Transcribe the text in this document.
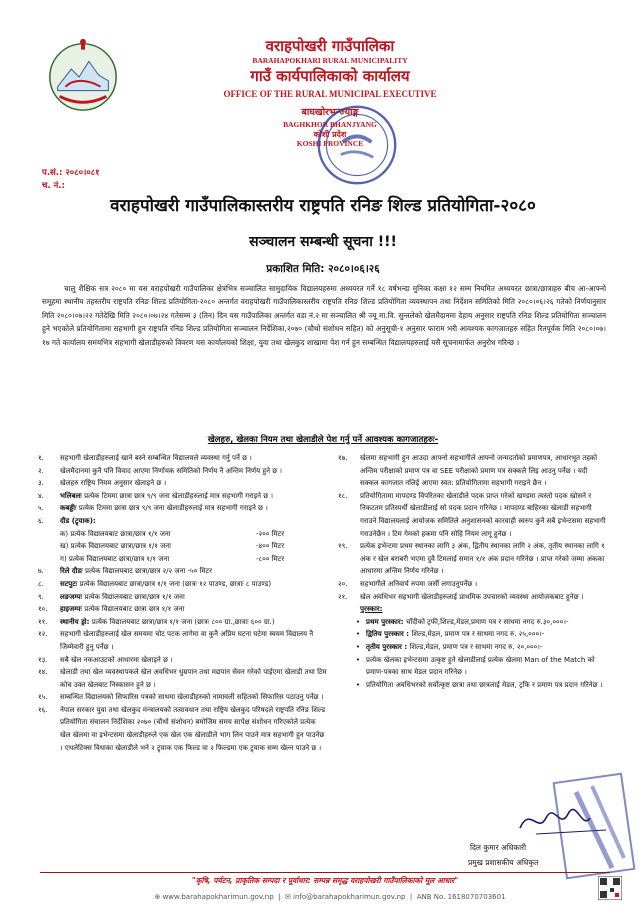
वराहपोखरी गाउँपालिका
BARAHAPOKHARI RURAL MUNICIPALITY
गाउँ कार्यपालिकाको कार्यालय
OFFICE OF THE RURAL MUNICIPAL EXECUTIVE
बाघखोरभन्ज्याङ्ग
BAGHKHOR BHANJYANG
कोशी प्रदेश
KOSHI PROVINCE
प.सं.: २०८०।०८१
च. नं.:
वराहपोखरी गाउँपालिकास्तरीय राष्ट्रपति रनिङ शिल्ड प्रतियोगिता-२०८०
सञ्चालन सम्बन्धी सूचना !!!
प्रकाशित मिति: २०८०।०६।२६
चालु शैक्षिक सत्र २०८० मा यस वराहपोखरी गाउँपालिका क्षेत्रभित्र सञ्चालित सामुदायिक विद्यालयहरुमा अध्ययरत गर्ने १८ वर्षभन्दा मुनिका कक्षा १२ सम्म नियमित अध्ययरत छात्रा/छात्राहरु बीच आ-आफ्नो समूहमा स्थानीय तहस्तरीय राष्ट्रपति रनिङ शिल्ड प्रतियोगिता-२०८० अन्तर्गत वराहपोखरी गाउँपालिकास्तरीय राष्ट्रपति रनिङ शिल्ड प्रतियोगिता व्यवस्थापन तथा निर्देशन समितिको मिति २०८०।०६।२६ गतेको निर्णयानुसार मिति २०८०।०७।२२ गतेदेखि मिति २०८०।०७।२४ गतेसम्म ३ (तिन) दिन यस गाउँपालिका अन्तर्गत वडा नं.२ मा सञ्चालित श्री ज्यू मा.वि. सुन्तलेको खेलमैदानमा देहाय अनुसार राष्ट्रपति रनिङ शिल्ड प्रतियोगिता सञ्चालन हुने भएकोले प्रतियोगितामा सहभागी हुन राष्ट्रपति रनिङ शिल्ड प्रतियोगिता सञ्चालन निर्देशिका,२०७० (चौथो संशोधन सहित) को अनुसूची-१ अनुसार फाराम भरी आवश्यक कागजातहरु सहित रितपूर्वक मिति २०८०।०७।१७ गते कार्यालय समयभित्र सहभागी खेलाडीहरुको विवरण यस कार्यालयको शिक्षा, युवा तथा खेलकुद शाखामा पेश गर्न हुन सम्बन्धित विद्यालयहरुलाई यसै सूचनामार्फत अनुरोध गरिन्छ ।
खेलहरु, खेलका नियम तथा खेलाडीले पेश गर्नु पर्ने आवश्यक कागजातहरुः-
१.	सहभागी खेलाडीहरुलाई खाने बस्ने सम्बन्धित विद्यालयले व्यवस्था गर्नु पर्ने छ ।
२.	खेलमैदानमा कुनै पनि विवाद आएमा निर्णायक समितिको निर्णय नै अन्तिम निर्णय हुने छ ।
३.	खेलहरु राष्ट्रिय नियम अनुसार खेलाइने छ ।
४.	भलिबलः प्रत्येक टिममा छात्रा छात्र ९/९ जना खेलाडीहरुलाई मात्र सहभागी गराइने छ ।
५.	कबड्डीः प्रत्येक टिममा छात्रा छात्र ९/९ जना खेलाडीहरुलाई मात्र सहभागी गराइने छ ।
६.	दौड (ट्र्याक):
क) प्रत्येक विद्यालयबाट छात्रा/छात्र १/१ जना	-२०० मिटर
ख) प्रत्येक विद्यालयबाट छात्रा/छात्र १/१ जना	-४०० मिटर
ग) प्रत्येक विद्यालयबाट छात्रा/छात्र १/१ जना	-८०० मिटर
७.	रिले दौडः प्रत्येक विद्यालयबाट छात्रा/छात्र २/२ जना -५० मिटर
८.	सटपुटः प्रत्येक विद्यालयबाट छात्रा/छात्र १/१ जना (छात्रः १२ पाउण्ड, छात्राः ८ पाउण्ड)
९.	लङजम्पः प्रत्येक विद्यालयबाट छात्रा/छात्र १/१ जना
१०.	हाइजम्पः प्रत्येक विद्यालयबाट छात्रा छात्र १/१ जना
११.	स्थानीय ड्रो: प्रत्येक विद्यालयबाट छात्रा/छात्र १/१ जना (छात्रः ८०० ग्रा.,छात्राः ६०० ग्रा.)
१२.	सहभागी खेलाडीहरुलाई खेल समयमा चोट पटक लागेमा वा कुनै अप्रिय घटना घटेमा स्वयम विद्यालय नै जिम्मेवारी हुनु पर्नेछ ।
१३.	सबै खेल नकआउटको आधारमा खेलाइने छ ।
१४.	खेलाडी तथा खेल व्यवस्थापकले खेल अवधिभर धुम्रपान तथा मद्यपान सेवन गरेको पाईएमा खेलाडी तथा टिम कोच उक्त खेलबाट निस्कासन हुने छ ।
१५.	सम्बन्धित विद्यालयको सिफारिस पत्रको साथमा खेलाडीहरुको नामावली सहितको सिफारिस पठाउनु पर्नेछ ।
१६.	नेपाल सरकार युवा तथा खेलकुद मन्त्रालयको तत्वावधान तथा राष्ट्रिय खेलकुद परिषदले राष्ट्रपति रनिङ शिल्ड प्रतियोगिता संचालन निर्देशिका २०७० (चौथो संशोधन) बमोजिम समय सापेक्ष संशोधन गरिएकोले प्रत्येक खेल खेलमा वा इभेन्टसमा खेलाडीहरुले एक खेल एक खेलाडीले भाग लिन पाउने मात्र सहभागी हुन पाउनेछ । एथलेटिक्स विधाका खेलाडीले भने २ ट्र्याक एक फिल्ड वा २ फिल्डमा एक ट्र्याक सम्म खेल्न पाउने छ ।
१७.	खेलमा सहभागी हुन आउदा आफ्नो सहभागीले आफ्नो जन्मदर्ताको प्रमाणपत्र, आधारभूत तहको अन्तिम परीक्षाको प्रमाण पत्र वा SEE परीक्षाको प्रमाण पत्र सक्कलै लिइ आउनु पर्नेछ । यदी सक्कल कागजात नलिई आएमा स्वत: प्रतियोगितामा सहभागी गराइने छैन ।
१८.	प्रतियोगितामा मापदण्ड विपरितका खेलाडीले पदक प्राप्त गरेको खण्डमा त्यस्तो पदक खोसने र निकटतम प्रतिस्पर्धी खेलाडीलाई सो पदक प्रदान गरिनेछ । मापदण्ड बाहिरका खेलाडी सहभागी गराउने विद्यालयलाई आयोजक समितिले अनुशासनको कारवाही स्वरुप कुनै सबै इभेन्टसमा सहभागी गराउनेछैन । टिम गेमको हकमा पनि सोहि नियम लागू हुनेछ ।
१९.	प्रत्येक इभेन्टमा प्रथम स्थानका लागि ३ अंक, द्वितीय स्थानका लागि २ अंक, तृतीय स्थानका लागि १ अंक र खेल बराबरी भएमा दुवै टिमलाई समान १/१ अंक प्रदान गरिनेछ । प्राप्त गरेको जम्मा अंकका आधारमा अन्तिम निर्णय गरिनेछ ।
२०.	सहभागीले अनिवार्य रुपमा जर्सी लगाउनुपर्नेछ ।
२१.	खेल अवधिभर सहभागी खेलाडीहरुलाई प्राथमिक उपचारको व्यवस्था आयोजकबाट हुनेछ ।
पुरस्कार:
• प्रथम पुरस्कार: चाँदीको ट्रफी,शिल्ड,मेडल,प्रमाण पत्र र साथमा नगद रु.३०,०००।-
• द्वितिय पुरस्कार : शिल्ड,मेडल, प्रमाण पत्र र साथमा नगद रु. २५,०००।-
• तृतीय पुरस्कार : शिल्ड,मेडल, प्रमाण पत्र र साथमा नगद रु. २०,०००।-
• प्रत्येक खेलका इभेन्टसमा उत्कृष्ट हुने खेलाडीलाई प्रत्येक खेलमा Man of the Match को प्रमाण-पत्रका साथ मेडल प्रदान गरिनेछ ।
• प्रतियोगिता अवधिभरको सर्वोत्कृष्ट छात्रा तथा छात्रलाई मेडल, ट्रफि र प्रमाण पत्र प्रदान गरिनेछ ।
दिल कुमार अधिकारी
प्रमुख प्रशासकीय अधिकृत
"कृषि, पर्यटन, प्राकृतिक सम्पदा र पूर्वाधार: सम्पन्न समृद्ध वराहपोखरी गाउँपालिकाको मूल आधार"
⊕ www.barahapokharimun.gov.np  |  ✉ info@barahapokharimun.gov.np  |  ANB No. 1618070703601
